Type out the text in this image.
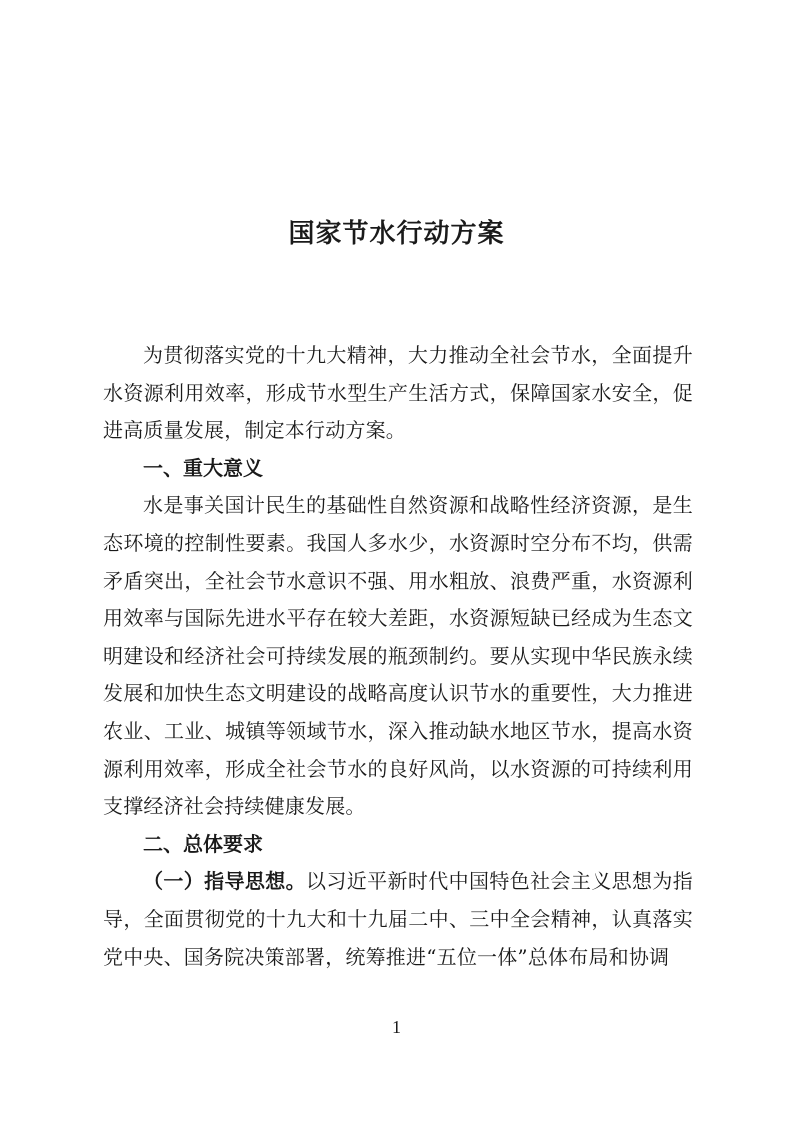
国家节水行动方案

为贯彻落实党的十九大精神，大力推动全社会节水，全面提升水资源利用效率，形成节水型生产生活方式，保障国家水安全，促进高质量发展，制定本行动方案。

一、重大意义

水是事关国计民生的基础性自然资源和战略性经济资源，是生态环境的控制性要素。我国人多水少，水资源时空分布不均，供需矛盾突出，全社会节水意识不强、用水粗放、浪费严重，水资源利用效率与国际先进水平存在较大差距，水资源短缺已经成为生态文明建设和经济社会可持续发展的瓶颈制约。要从实现中华民族永续发展和加快生态文明建设的战略高度认识节水的重要性，大力推进农业、工业、城镇等领域节水，深入推动缺水地区节水，提高水资源利用效率，形成全社会节水的良好风尚，以水资源的可持续利用支撑经济社会持续健康发展。

二、总体要求

（一）指导思想。以习近平新时代中国特色社会主义思想为指导，全面贯彻党的十九大和十九届二中、三中全会精神，认真落实党中央、国务院决策部署，统筹推进“五位一体”总体布局和协调

1
